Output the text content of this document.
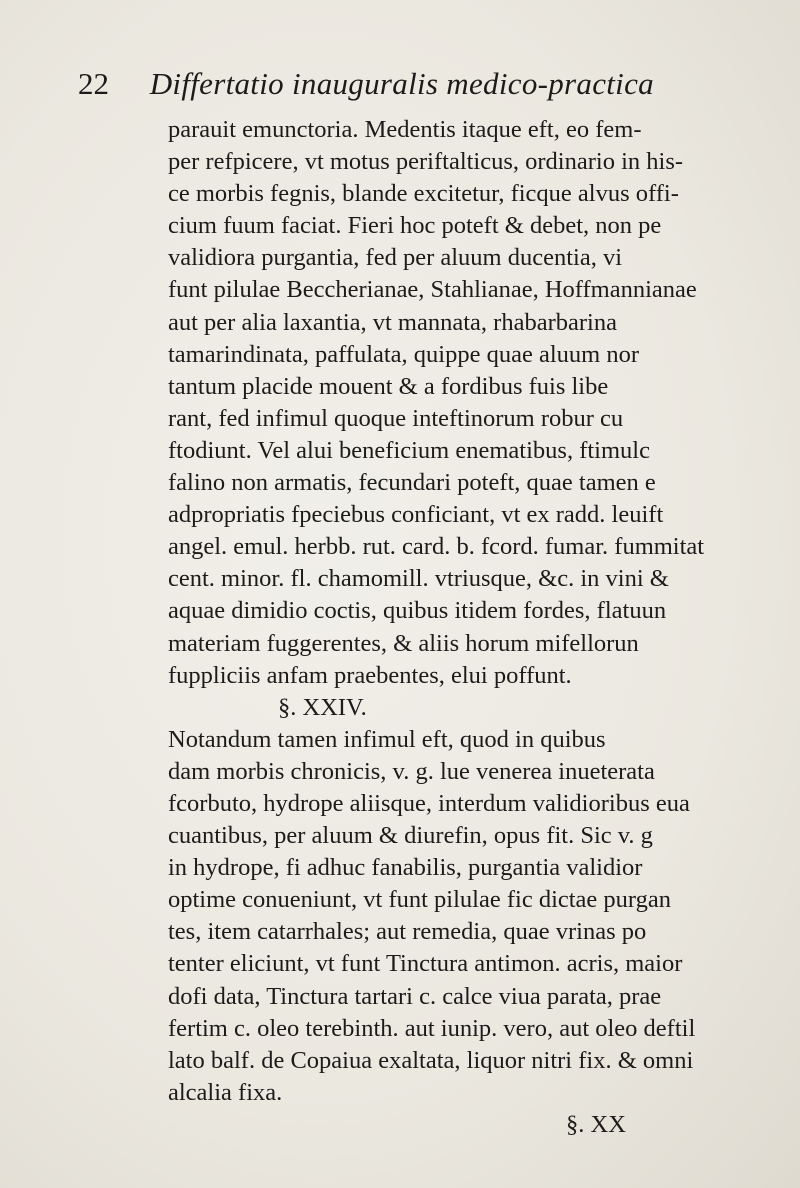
22 Differtatio inauguralis medico-practica
parauit emunctoria. Medentis itaque eft, eo fem-
per refpicere, vt motus periftalticus, ordinario in his-
ce morbis fegnis, blande excitetur, ficque alvus offi-
cium fuum faciat. Fieri hoc poteft & debet, non pe
validiora purgantia, fed per aluum ducentia, vi
funt pilulae Beccherianae, Stahlianae, Hoffmannianae
aut per alia laxantia, vt mannata, rhabarbarina
tamarindinata, paffulata, quippe quae aluum nor
tantum placide mouent & a fordibus fuis libe
rant, fed infimul quoque inteftinorum robur cu
ftodiunt. Vel alui beneficium enematibus, ftimulc
falino non armatis, fecundari poteft, quae tamen e
adpropriatis fpeciebus conficiant, vt ex radd. leuift
angel. emul. herbb. rut. card. b. fcord. fumar. fummitat
cent. minor. fl. chamomill. vtriusque, &c. in vini &
aquae dimidio coctis, quibus itidem fordes, flatuun
materiam fuggerentes, & aliis horum mifellorun
fuppliciis anfam praebentes, elui poffunt.
§. XXIV.
Notandum tamen infimul eft, quod in quibus
dam morbis chronicis, v. g. lue venerea inueterata
fcorbuto, hydrope aliisque, interdum validioribus eua
cuantibus, per aluum & diurefin, opus fit. Sic v. g
in hydrope, fi adhuc fanabilis, purgantia validior
optime conueniunt, vt funt pilulae fic dictae purgan
tes, item catarrhales; aut remedia, quae vrinas po
tenter eliciunt, vt funt Tinctura antimon. acris, maior
dofi data, Tinctura tartari c. calce viua parata, prae
fertim c. oleo terebinth. aut iunip. vero, aut oleo deftil
lato balf. de Copaiua exaltata, liquor nitri fix. & omni
alcalia fixa.
§. XX
